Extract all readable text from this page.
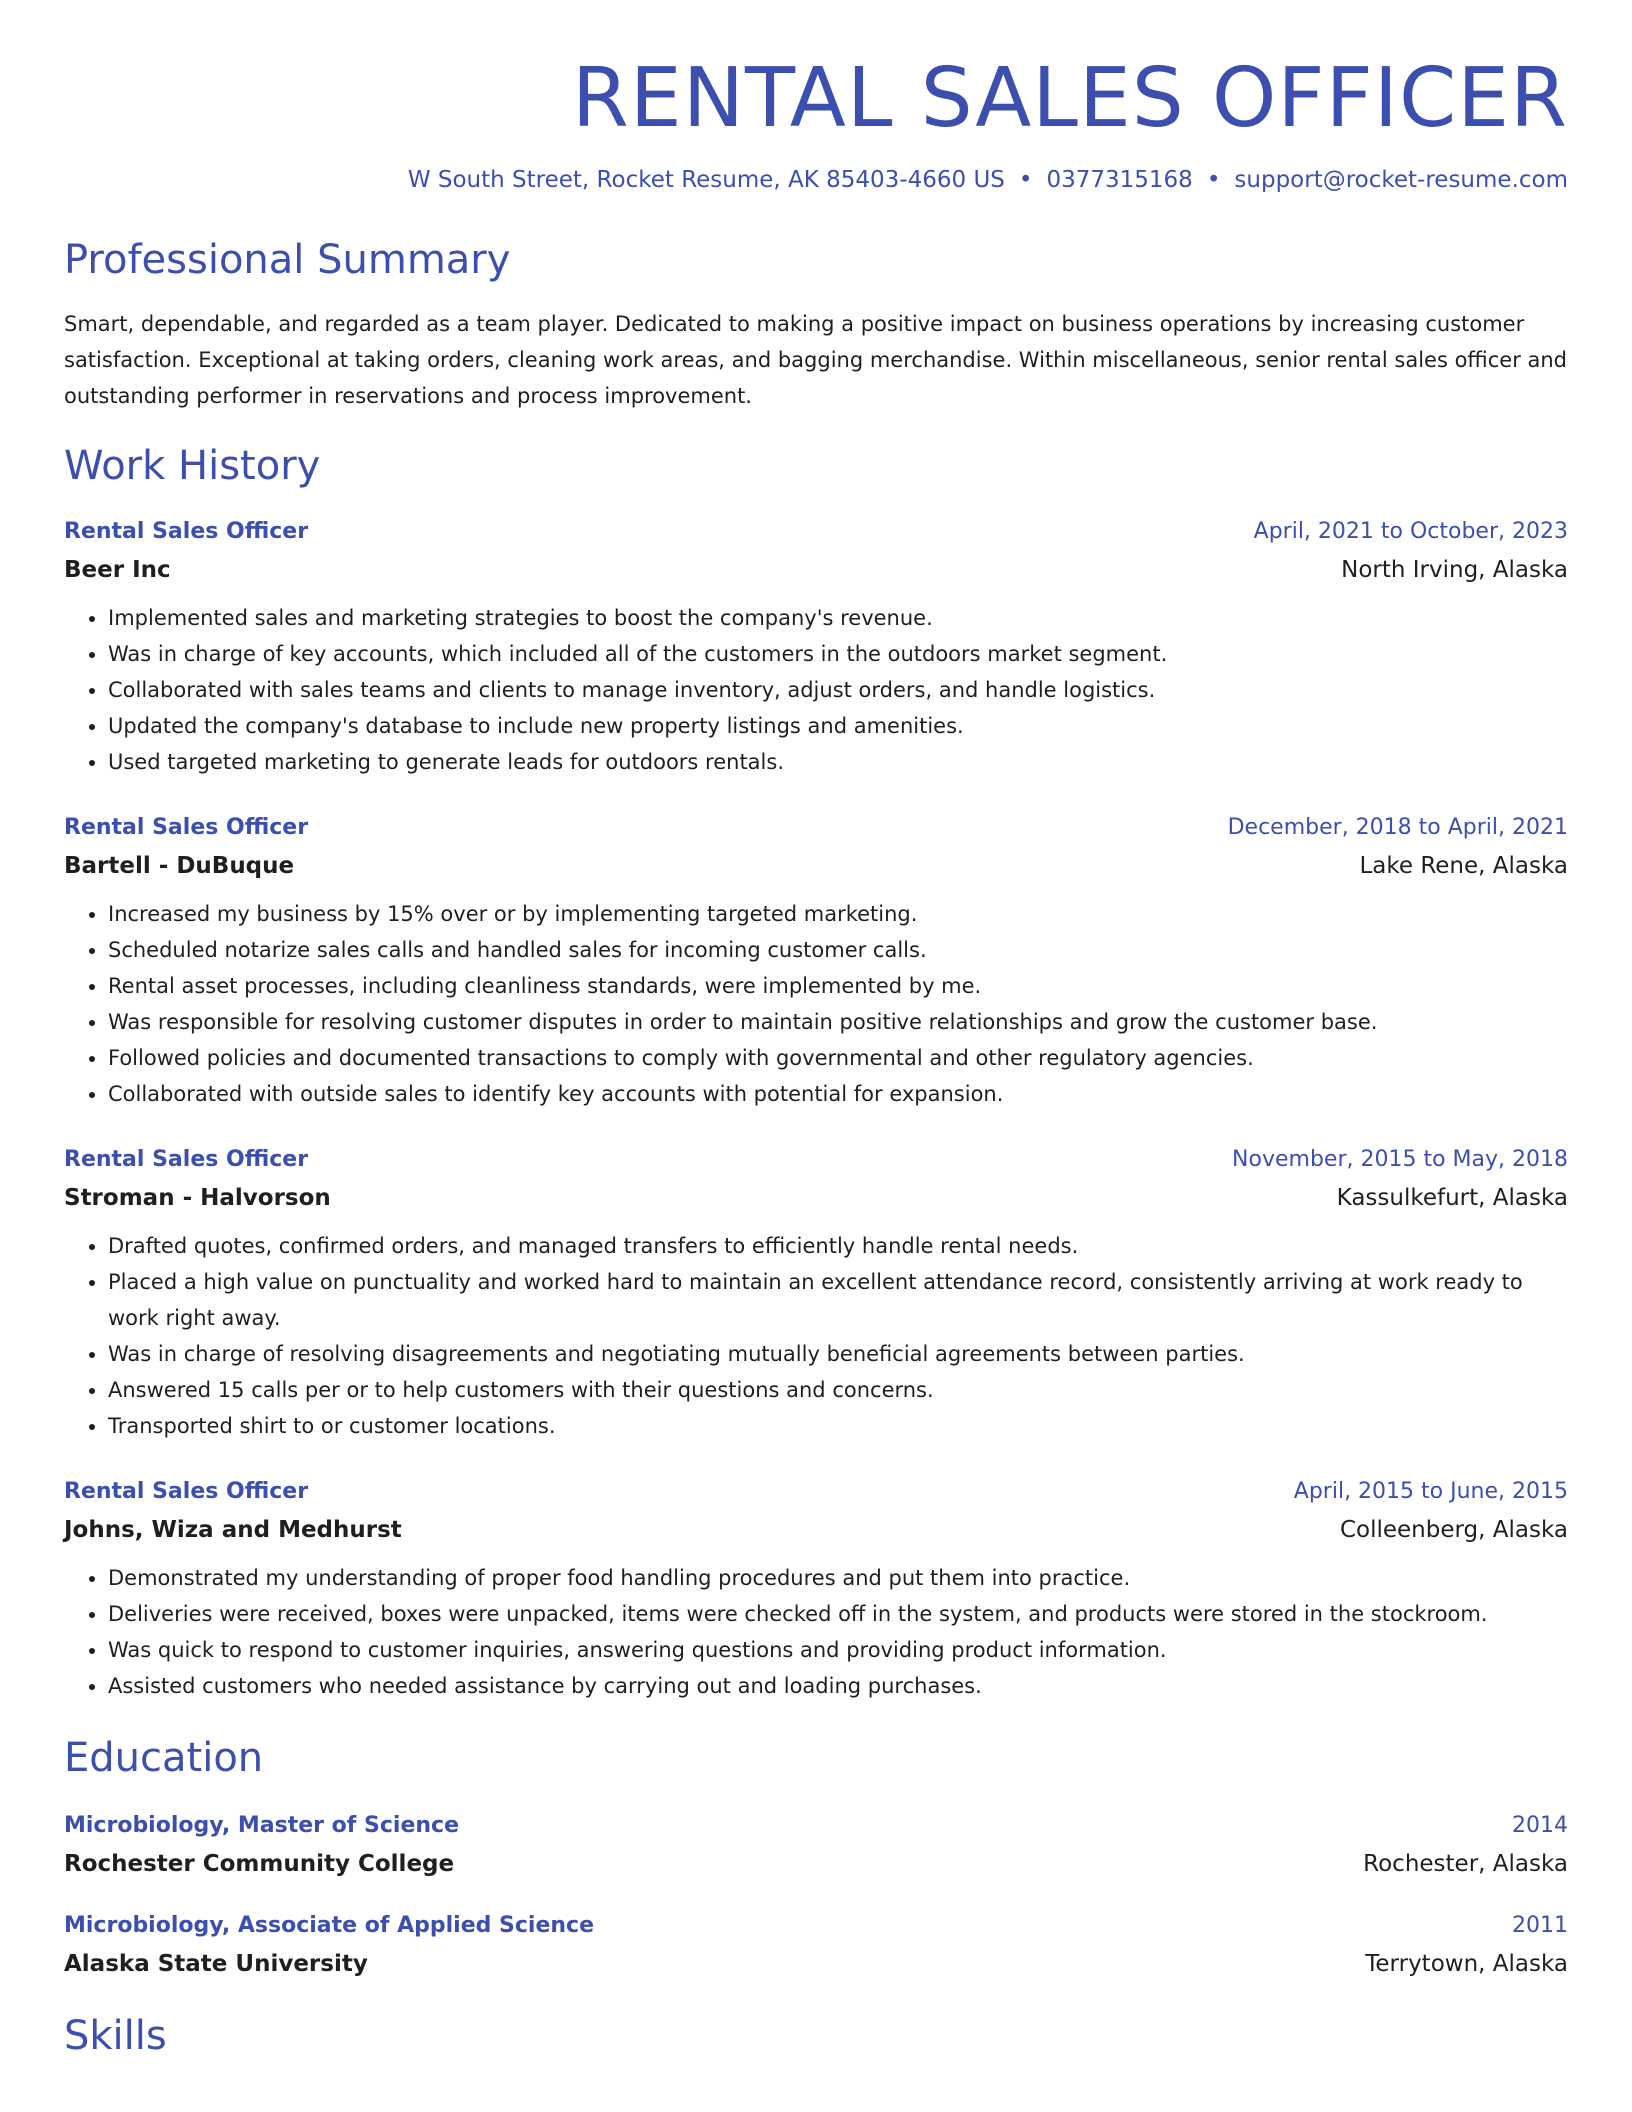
RENTAL SALES OFFICER
W South Street, Rocket Resume, AK 85403-4660 US • 0377315168 • support@rocket-resume.com
Professional Summary

Smart, dependable, and regarded as a team player. Dedicated to making a positive impact on business operations by increasing customer satisfaction. Exceptional at taking orders, cleaning work areas, and bagging merchandise. Within miscellaneous, senior rental sales officer and outstanding performer in reservations and process improvement.

Work History
Rental Sales Officer	April, 2021 to October, 2023
Beer Inc	North Irving, Alaska
• Implemented sales and marketing strategies to boost the company's revenue.
• Was in charge of key accounts, which included all of the customers in the outdoors market segment.
• Collaborated with sales teams and clients to manage inventory, adjust orders, and handle logistics.
• Updated the company's database to include new property listings and amenities.
• Used targeted marketing to generate leads for outdoors rentals.
Rental Sales Officer	December, 2018 to April, 2021
Bartell - DuBuque	Lake Rene, Alaska
• Increased my business by 15% over or by implementing targeted marketing.
• Scheduled notarize sales calls and handled sales for incoming customer calls.
• Rental asset processes, including cleanliness standards, were implemented by me.
• Was responsible for resolving customer disputes in order to maintain positive relationships and grow the customer base.
• Followed policies and documented transactions to comply with governmental and other regulatory agencies.
• Collaborated with outside sales to identify key accounts with potential for expansion.
Rental Sales Officer	November, 2015 to May, 2018
Stroman - Halvorson	Kassulkefurt, Alaska
• Drafted quotes, confirmed orders, and managed transfers to efficiently handle rental needs.
• Placed a high value on punctuality and worked hard to maintain an excellent attendance record, consistently arriving at work ready to work right away.
• Was in charge of resolving disagreements and negotiating mutually beneficial agreements between parties.
• Answered 15 calls per or to help customers with their questions and concerns.
• Transported shirt to or customer locations.
Rental Sales Officer	April, 2015 to June, 2015
Johns, Wiza and Medhurst	Colleenberg, Alaska
• Demonstrated my understanding of proper food handling procedures and put them into practice.
• Deliveries were received, boxes were unpacked, items were checked off in the system, and products were stored in the stockroom.
• Was quick to respond to customer inquiries, answering questions and providing product information.
• Assisted customers who needed assistance by carrying out and loading purchases.
Education
Microbiology, Master of Science	2014
Rochester Community College	Rochester, Alaska
Microbiology, Associate of Applied Science	2011
Alaska State University	Terrytown, Alaska
Skills
